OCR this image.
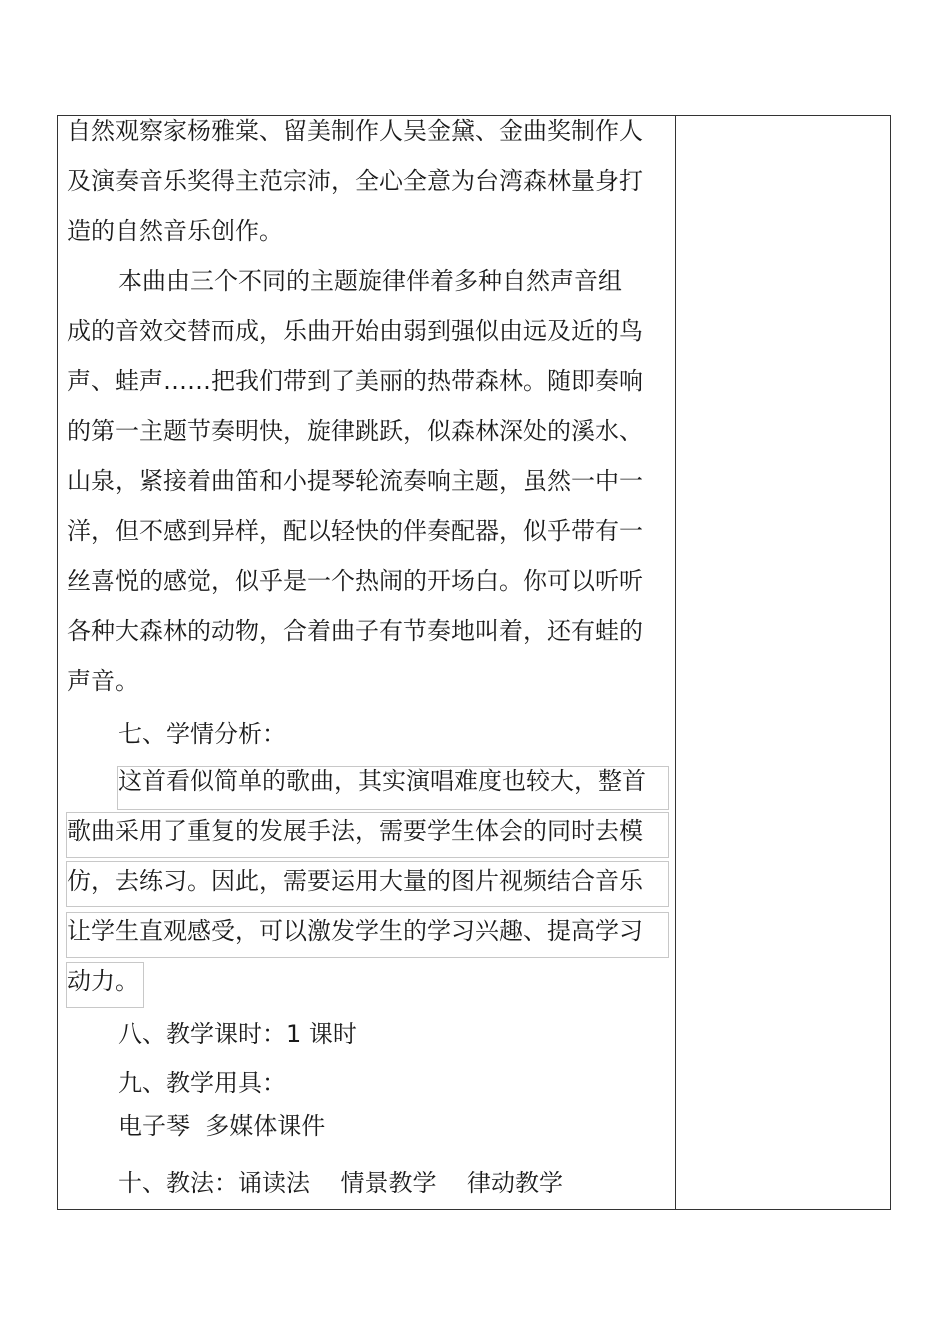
自然观察家杨雅棠、留美制作人吴金黛、金曲奖制作人
及演奏音乐奖得主范宗沛，全心全意为台湾森林量身打
造的自然音乐创作。
本曲由三个不同的主题旋律伴着多种自然声音组
成的音效交替而成，乐曲开始由弱到强似由远及近的鸟
声、蛙声……把我们带到了美丽的热带森林。随即奏响
的第一主题节奏明快，旋律跳跃，似森林深处的溪水、
山泉，紧接着曲笛和小提琴轮流奏响主题，虽然一中一
洋，但不感到异样，配以轻快的伴奏配器，似乎带有一
丝喜悦的感觉，似乎是一个热闹的开场白。你可以听听
各种大森林的动物，合着曲子有节奏地叫着，还有蛙的
声音。
七、学情分析：
这首看似简单的歌曲，其实演唱难度也较大，整首
歌曲采用了重复的发展手法，需要学生体会的同时去模
仿，去练习。因此，需要运用大量的图片视频结合音乐
让学生直观感受，可以激发学生的学习兴趣、提高学习
动力。
八、教学课时：1 课时
九、教学用具：
电子琴  多媒体课件
十、教法：诵读法    情景教学    律动教学
